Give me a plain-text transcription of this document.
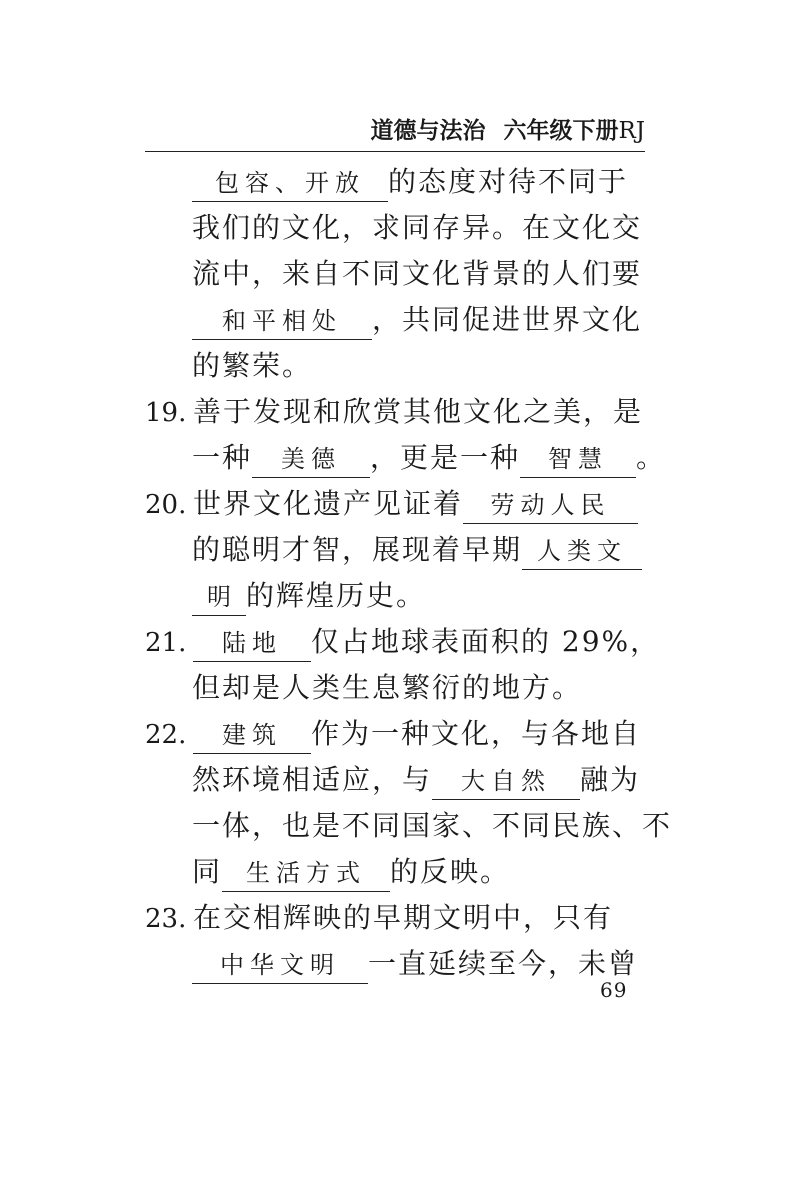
道德与法治 六年级下册RJ
包容、开放 的态度对待不同于
我们的文化，求同存异。在文化交
流中，来自不同文化背景的人们要
和平相处 ，共同促进世界文化
的繁荣。
19. 善于发现和欣赏其他文化之美，是
一种 美德 ，更是一种 智慧 。
20. 世界文化遗产见证着 劳动人民
的聪明才智，展现着早期 人类文
明 的辉煌历史。
21. 陆地 仅占地球表面积的 29%，
但却是人类生息繁衍的地方。
22. 建筑 作为一种文化，与各地自
然环境相适应，与 大自然 融为
一体，也是不同国家、不同民族、不
同 生活方式 的反映。
23. 在交相辉映的早期文明中，只有
中华文明 一直延续至今，未曾
69
